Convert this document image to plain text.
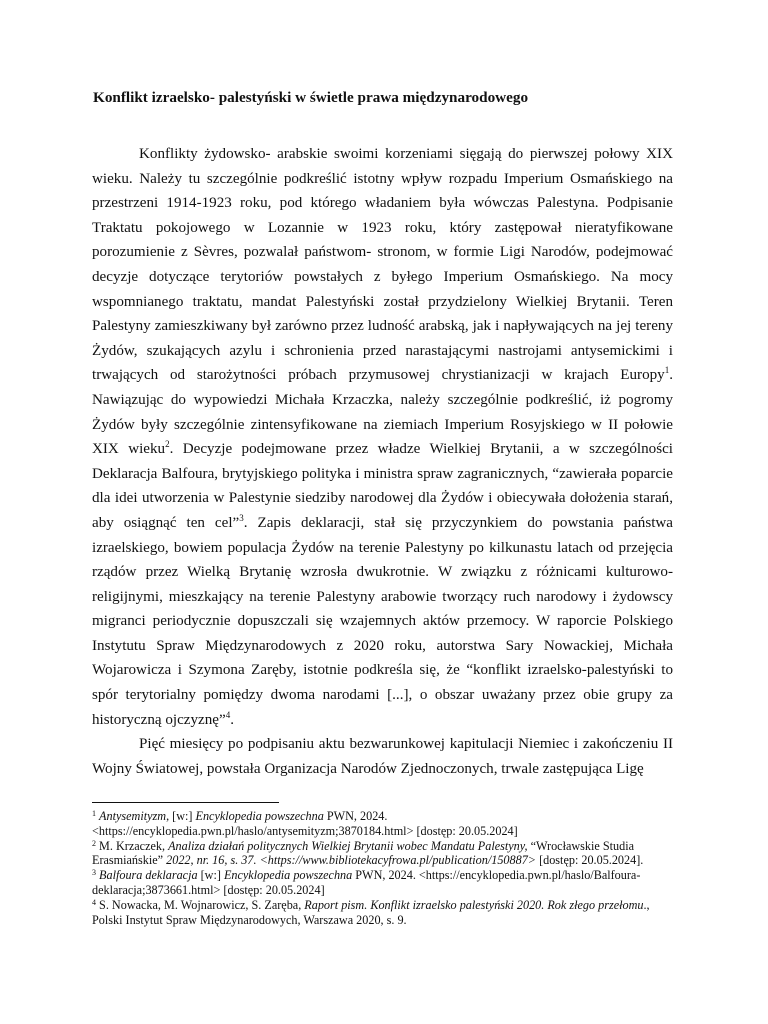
Konflikt izraelsko- palestyński w świetle prawa międzynarodowego

Konflikty żydowsko- arabskie swoimi korzeniami sięgają do pierwszej połowy XIX wieku. Należy tu szczególnie podkreślić istotny wpływ rozpadu Imperium Osmańskiego na przestrzeni 1914-1923 roku, pod którego władaniem była wówczas Palestyna. Podpisanie Traktatu pokojowego w Lozannie w 1923 roku, który zastępował nieratyfikowane porozumienie z Sèvres, pozwalał państwom- stronom, w formie Ligi Narodów, podejmować decyzje dotyczące terytoriów powstałych z byłego Imperium Osmańskiego. Na mocy wspomnianego traktatu, mandat Palestyński został przydzielony Wielkiej Brytanii. Teren Palestyny zamieszkiwany był zarówno przez ludność arabską, jak i napływających na jej tereny Żydów, szukających azylu i schronienia przed narastającymi nastrojami antysemickimi i trwających od starożytności próbach przymusowej chrystianizacji w krajach Europy$^1$. Nawiązując do wypowiedzi Michała Krzaczka, należy szczególnie podkreślić, iż pogromy Żydów były szczególnie zintensyfikowane na ziemiach Imperium Rosyjskiego w II połowie XIX wieku$^2$. Decyzje podejmowane przez władze Wielkiej Brytanii, a w szczególności Deklaracja Balfoura, brytyjskiego polityka i ministra spraw zagranicznych, “zawierała poparcie dla idei utworzenia w Palestynie siedziby narodowej dla Żydów i obiecywała dołożenia starań, aby osiągnąć ten cel”$^3$. Zapis deklaracji, stał się przyczynkiem do powstania państwa izraelskiego, bowiem populacja Żydów na terenie Palestyny po kilkunastu latach od przejęcia rządów przez Wielką Brytanię wzrosła dwukrotnie. W związku z różnicami kulturowo- religijnymi, mieszkający na terenie Palestyny arabowie tworzący ruch narodowy i żydowscy migranci periodycznie dopuszczali się wzajemnych aktów przemocy. W raporcie Polskiego Instytutu Spraw Międzynarodowych z 2020 roku, autorstwa Sary Nowackiej, Michała Wojarowicza i Szymona Zaręby, istotnie podkreśla się, że “konflikt izraelsko-palestyński to spór terytorialny pomiędzy dwoma narodami [...], o obszar uważany przez obie grupy za historyczną ojczyznę”$^4$.

Pięć miesięcy po podpisaniu aktu bezwarunkowej kapitulacji Niemiec i zakończeniu II Wojny Światowej, powstała Organizacja Narodów Zjednoczonych, trwale zastępująca Ligę

$^1$ Antysemityzm, [w:] Encyklopedia powszechna PWN, 2024. <https://encyklopedia.pwn.pl/haslo/antysemityzm;3870184.html> [dostęp: 20.05.2024]
$^2$ M. Krzaczek, Analiza działań politycznych Wielkiej Brytanii wobec Mandatu Palestyny, “Wrocławskie Studia Erasmiańskie” 2022, nr. 16, s. 37. <https://www.bibliotekacyfrowa.pl/publication/150887> [dostęp: 20.05.2024].
$^3$ Balfoura deklaracja [w:] Encyklopedia powszechna PWN, 2024. <https://encyklopedia.pwn.pl/haslo/Balfoura-deklaracja;3873661.html> [dostęp: 20.05.2024]
$^4$ S. Nowacka, M. Wojnarowicz, S. Zaręba, Raport pism. Konflikt izraelsko palestyński 2020. Rok złego przełomu., Polski Instytut Spraw Międzynarodowych, Warszawa 2020, s. 9.
